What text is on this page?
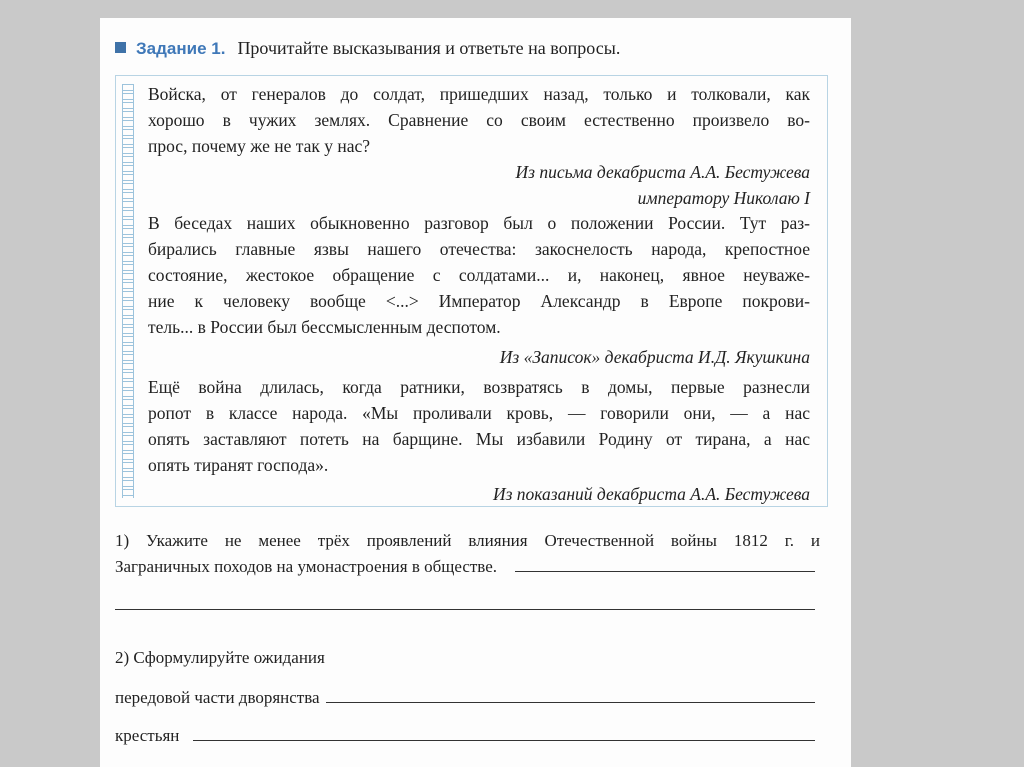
Задание 1. Прочитайте высказывания и ответьте на вопросы.
Войска, от генералов до солдат, пришедших назад, только и толковали, как
хорошо в чужих землях. Сравнение со своим естественно произвело во-
прос, почему же не так у нас?
Из письма декабриста А.А. Бестужева
императору Николаю I
В беседах наших обыкновенно разговор был о положении России. Тут раз-
бирались главные язвы нашего отечества: закоснелость народа, крепостное
состояние, жестокое обращение с солдатами... и, наконец, явное неуваже-
ние к человеку вообще <...> Император Александр в Европе покрови-
тель... в России был бессмысленным деспотом.
Из «Записок» декабриста И.Д. Якушкина
Ещё война длилась, когда ратники, возвратясь в домы, первые разнесли
ропот в классе народа. «Мы проливали кровь, — говорили они, — а нас
опять заставляют потеть на барщине. Мы избавили Родину от тирана, а нас
опять тиранят господа».
Из показаний декабриста А.А. Бестужева
1) Укажите не менее трёх проявлений влияния Отечественной войны 1812 г. и
Заграничных походов на умонастроения в обществе.
2) Сформулируйте ожидания
передовой части дворянства
крестьян
